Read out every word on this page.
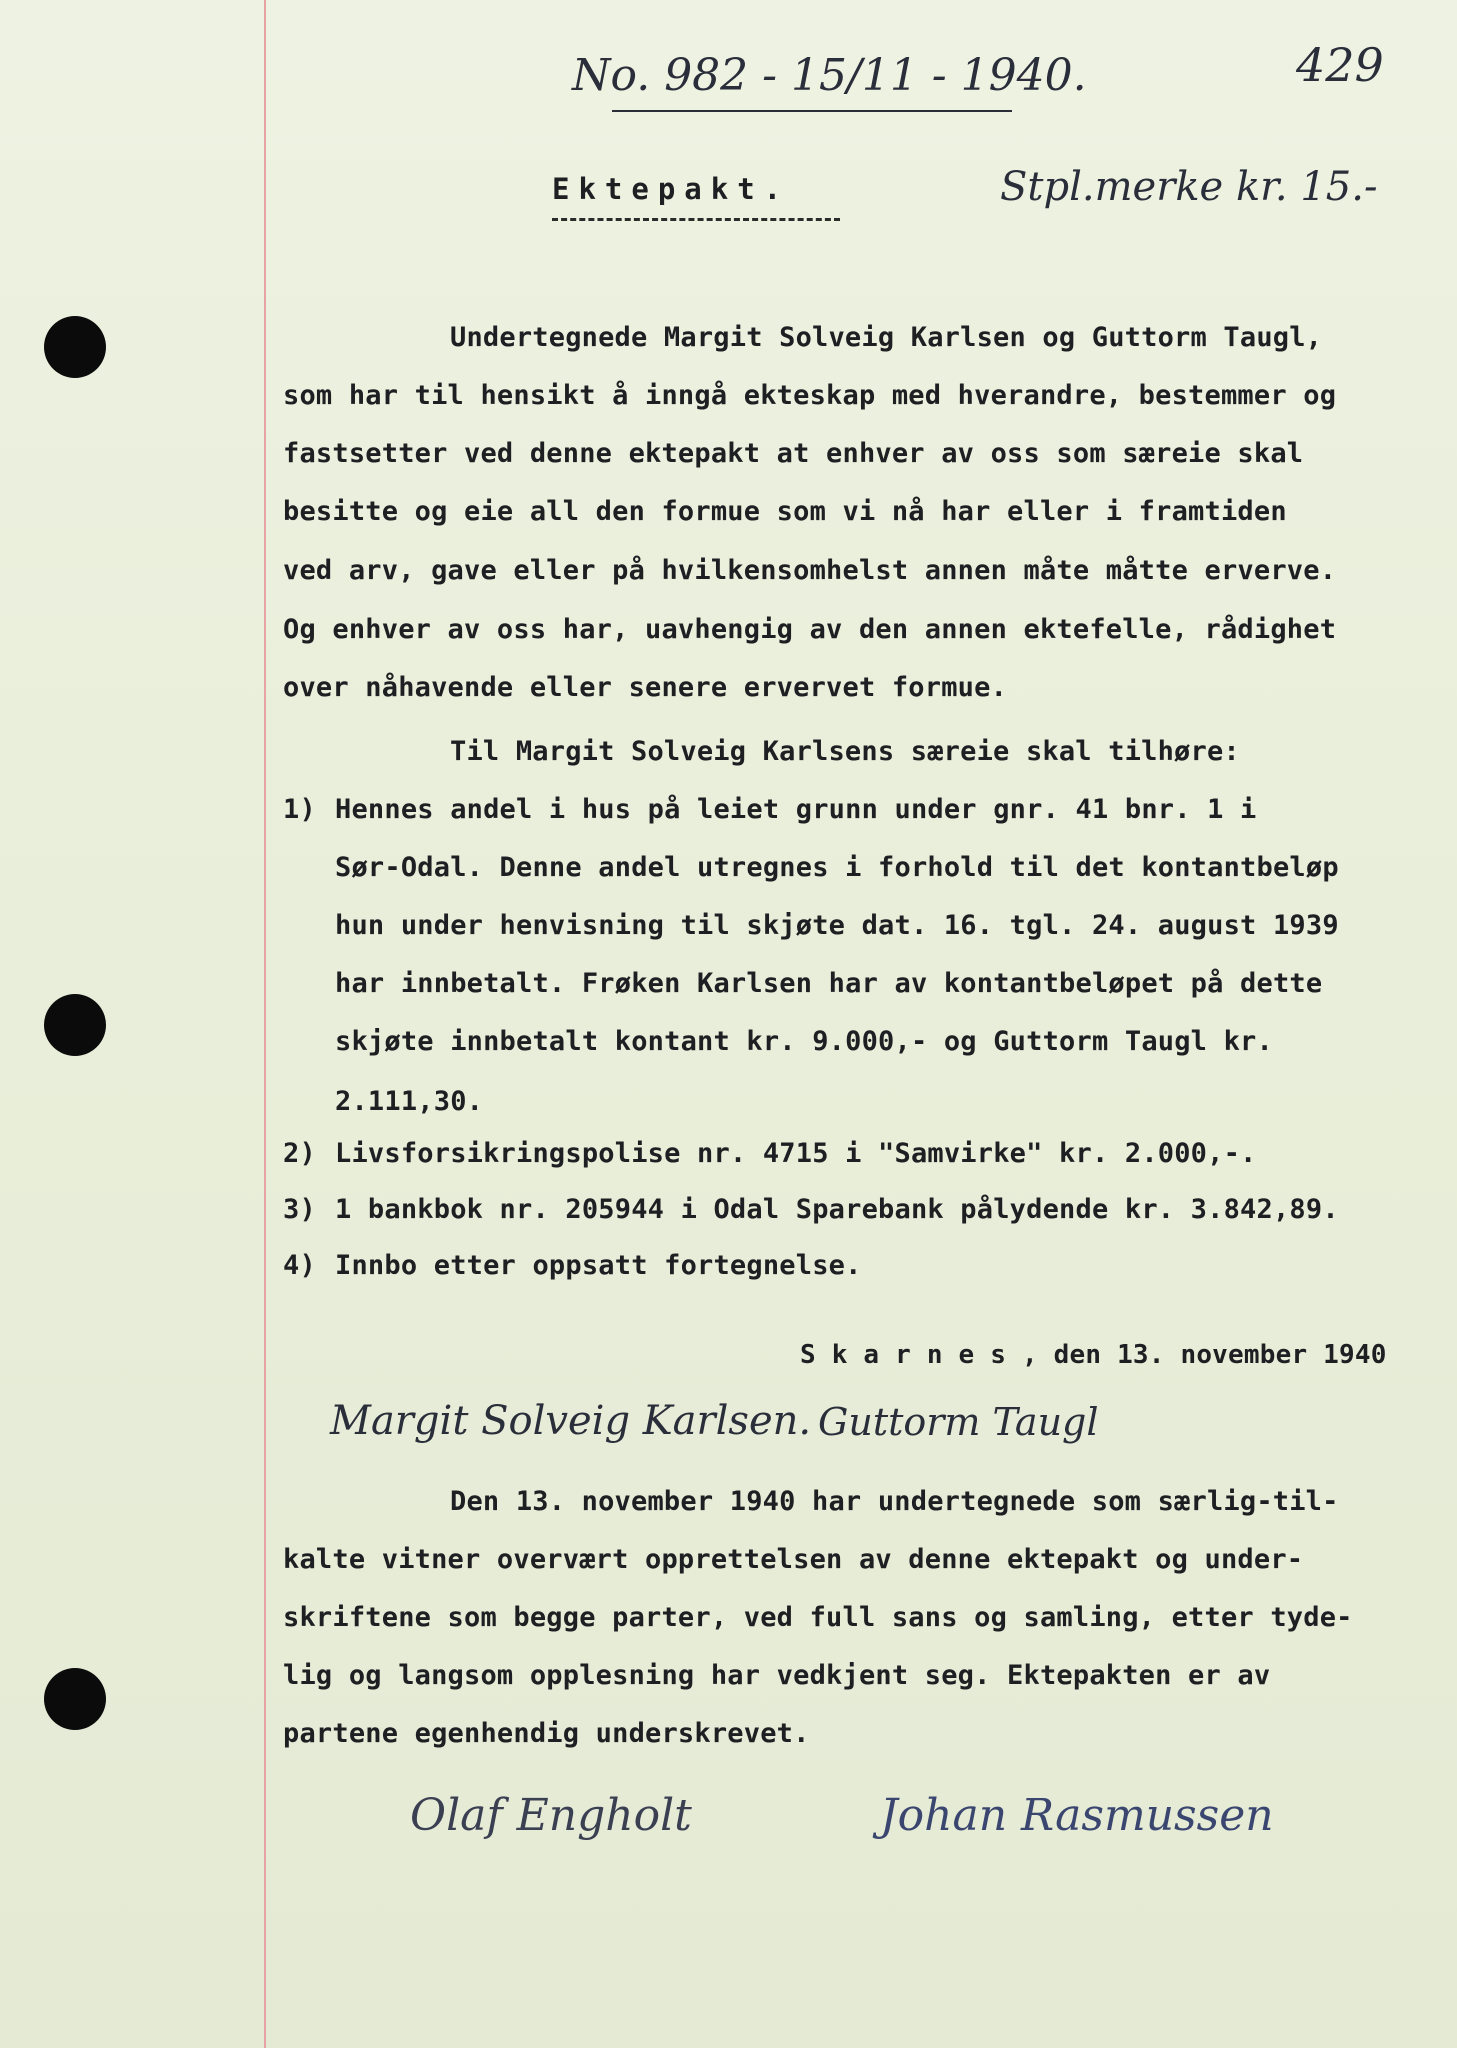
No. 982 - 15/11 - 1940.	429
Stpl.merke kr. 15.-
Ektepakt.
Undertegnede Margit Solveig Karlsen og Guttorm Taugl,
som har til hensikt å inngå ekteskap med hverandre, bestemmer og
fastsetter ved denne ektepakt at enhver av oss som særeie skal
besitte og eie all den formue som vi nå har eller i framtiden
ved arv, gave eller på hvilkensomhelst annen måte måtte erverve.
Og enhver av oss har, uavhengig av den annen ektefelle, rådighet
over nåhavende eller senere ervervet formue.
Til Margit Solveig Karlsens særeie skal tilhøre:
1) Hennes andel i hus på leiet grunn under gnr. 41 bnr. 1 i
Sør-Odal. Denne andel utregnes i forhold til det kontantbeløp
hun under henvisning til skjøte dat. 16. tgl. 24. august 1939
har innbetalt. Frøken Karlsen har av kontantbeløpet på dette
skjøte innbetalt kontant kr. 9.000,- og Guttorm Taugl kr.
2.111,30.
2) Livsforsikringspolise nr. 4715 i "Samvirke" kr. 2.000,-.
3) 1 bankbok nr. 205944 i Odal Sparebank pålydende kr. 3.842,89.
4) Innbo etter oppsatt fortegnelse.
S k a r n e s , den 13. november 1940
Margit Solveig Karlsen. Guttorm Taugl
Den 13. november 1940 har undertegnede som særlig-til-
kalte vitner overvært opprettelsen av denne ektepakt og under-
skriftene som begge parter, ved full sans og samling, etter tyde-
lig og langsom opplesning har vedkjent seg. Ektepakten er av
partene egenhendig underskrevet.
Olaf Engholt	Johan Rasmussen
